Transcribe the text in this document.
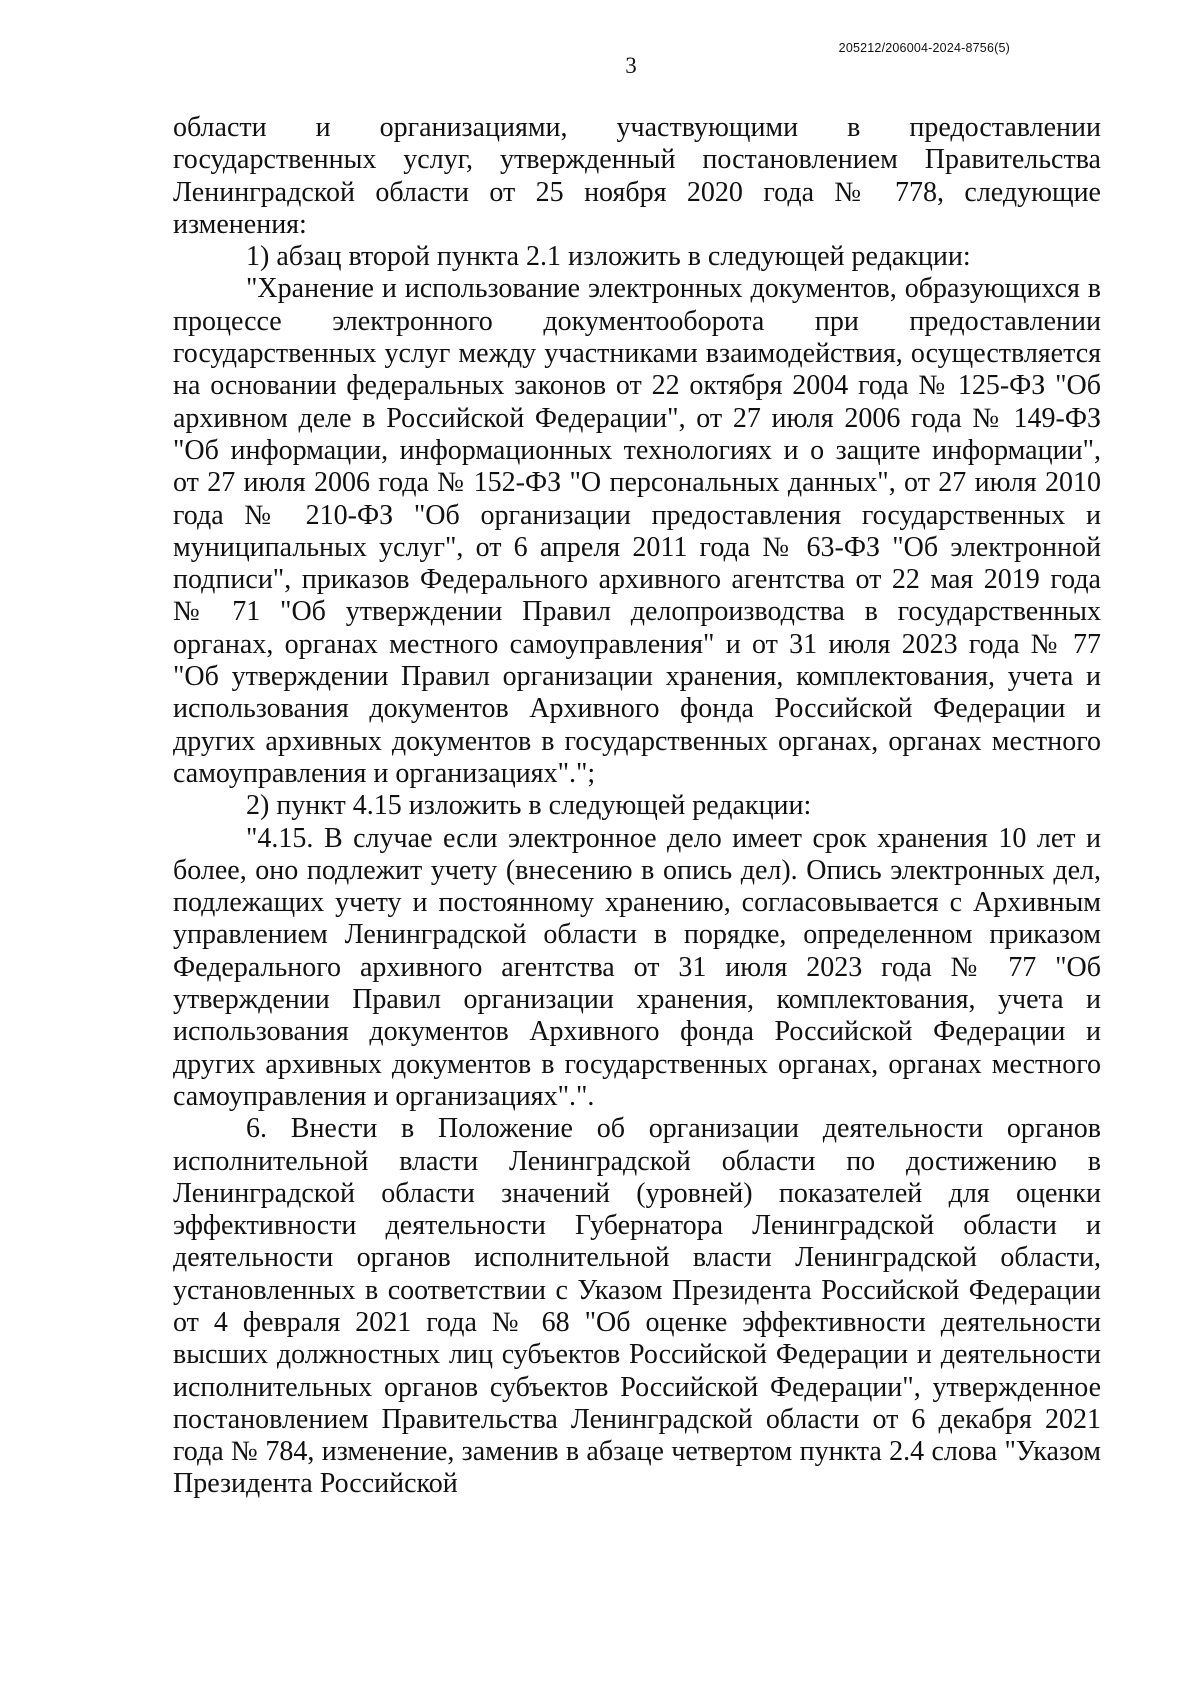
3
205212/206004-2024-8756(5)

области и организациями, участвующими в предоставлении государственных услуг, утвержденный постановлением Правительства Ленинградской области от 25 ноября 2020 года № 778, следующие изменения:

1) абзац второй пункта 2.1 изложить в следующей редакции:

"Хранение и использование электронных документов, образующихся в процессе электронного документооборота при предоставлении государственных услуг между участниками взаимодействия, осуществляется на основании федеральных законов от 22 октября 2004 года № 125-ФЗ "Об архивном деле в Российской Федерации", от 27 июля 2006 года № 149-ФЗ "Об информации, информационных технологиях и о защите информации", от 27 июля 2006 года № 152-ФЗ "О персональных данных", от 27 июля 2010 года № 210-ФЗ "Об организации предоставления государственных и муниципальных услуг", от 6 апреля 2011 года № 63-ФЗ "Об электронной подписи", приказов Федерального архивного агентства от 22 мая 2019 года № 71 "Об утверждении Правил делопроизводства в государственных органах, органах местного самоуправления" и от 31 июля 2023 года № 77 "Об утверждении Правил организации хранения, комплектования, учета и использования документов Архивного фонда Российской Федерации и других архивных документов в государственных органах, органах местного самоуправления и организациях".";

2) пункт 4.15 изложить в следующей редакции:

"4.15. В случае если электронное дело имеет срок хранения 10 лет и более, оно подлежит учету (внесению в опись дел). Опись электронных дел, подлежащих учету и постоянному хранению, согласовывается с Архивным управлением Ленинградской области в порядке, определенном приказом Федерального архивного агентства от 31 июля 2023 года № 77 "Об утверждении Правил организации хранения, комплектования, учета и использования документов Архивного фонда Российской Федерации и других архивных документов в государственных органах, органах местного самоуправления и организациях".".

6. Внести в Положение об организации деятельности органов исполнительной власти Ленинградской области по достижению в Ленинградской области значений (уровней) показателей для оценки эффективности деятельности Губернатора Ленинградской области и деятельности органов исполнительной власти Ленинградской области, установленных в соответствии с Указом Президента Российской Федерации от 4 февраля 2021 года № 68 "Об оценке эффективности деятельности высших должностных лиц субъектов Российской Федерации и деятельности исполнительных органов субъектов Российской Федерации", утвержденное постановлением Правительства Ленинградской области от 6 декабря 2021 года № 784, изменение, заменив в абзаце четвертом пункта 2.4 слова "Указом Президента Российской
